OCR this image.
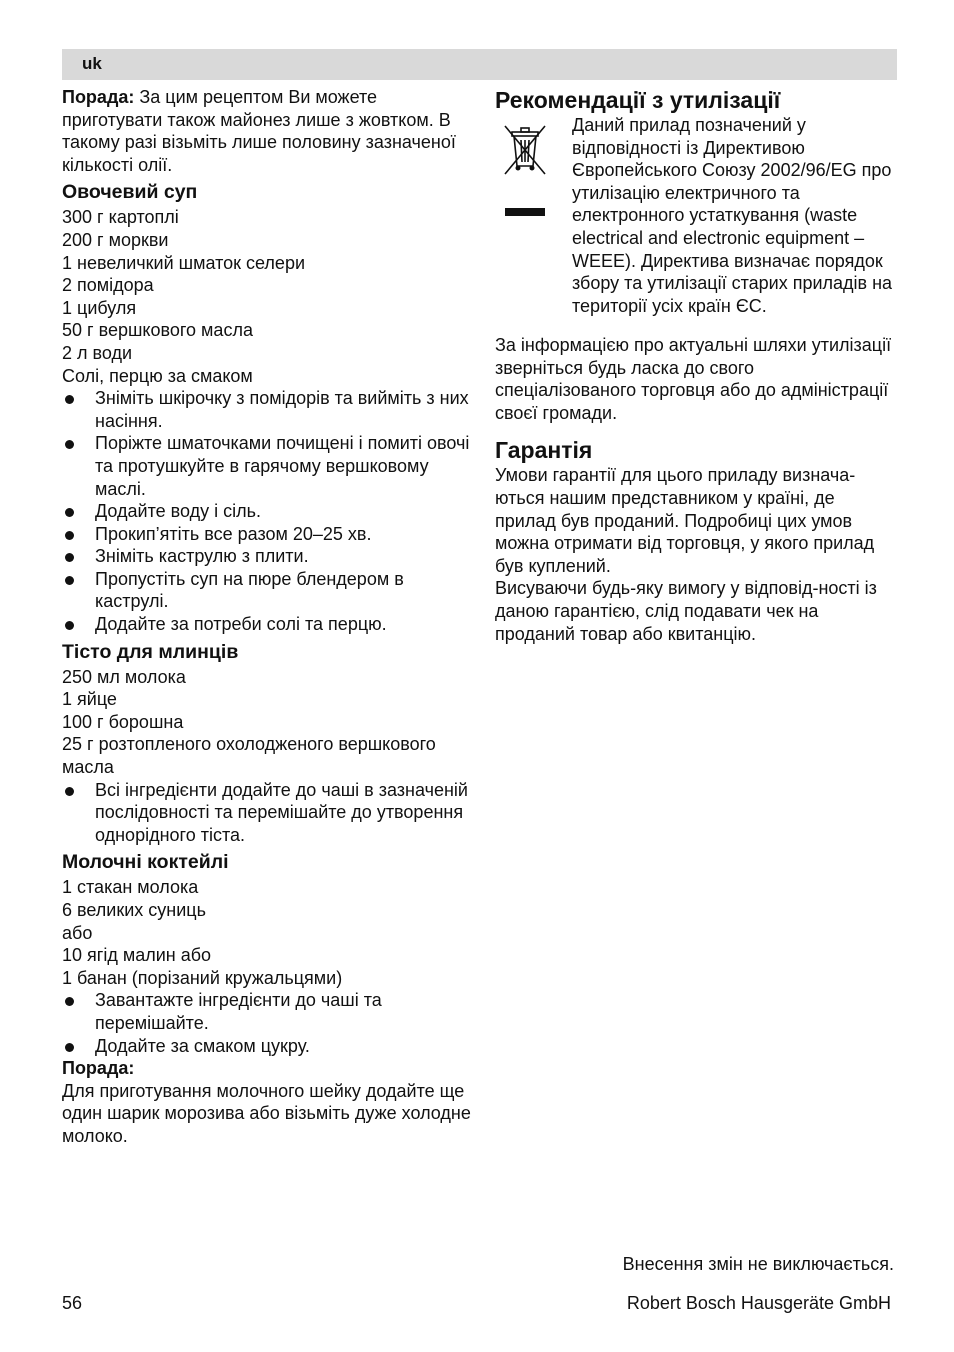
uk

Порада: За цим рецептом Ви можете приготувати також майонез лише з жовтком. В такому разі візьміть лише половину зазначеної кількості олії.

Овочевий суп
300 г картоплі
200 г моркви
1 невеличкий шматок селери
2 помідора
1 цибуля
50 г вершкового масла
2 л води
Солі, перцю за смаком
Зніміть шкірочку з помідорів та вийміть з них насіння.
Поріжте шматочками почищені і помиті овочі та протушкуйте в гарячому вершковому маслі.
Додайте воду і сіль.
Прокип’ятіть все разом 20–25 хв.
Зніміть каструлю з плити.
Пропустіть суп на пюре блендером в каструлі.
Додайте за потреби солі та перцю.
Тісто для млинців
250 мл молока
1 яйце
100 г борошна
25 г розтопленого охолодженого вершкового масла
Всі інгредієнти додайте до чаші в зазначеній послідовності та перемішайте до утворення однорідного тіста.
Молочні коктейлі
1 стакан молока
6 великих суниць
або
10 ягід малин або
1 банан (порізаний кружальцями)
Завантажте інгредієнти до чаші та перемішайте.
Додайте за смаком цукру.

Порада:

Для приготування молочного шейку додайте ще один шарик морозива або візьміть дуже холодне молоко.

Рекомендації з утилізації

Даний прилад позначений у відповідності із Директивою Європейського Союзу 2002/96/EG про утилізацію електричного та електронного устаткування (waste electrical and electronic equipment – WEEE). Директива визначає порядок збору та утилізації старих приладів на території усіх країн ЄС.

За інформацією про актуальні шляхи утилізації зверніться будь ласка до свого спеціалізованого торговця або до адміністрації своєї громади.

Гарантія

Умови гарантії для цього приладу визнача-ються нашим представником у країні, де прилад був проданий. Подробиці цих умов можна отримати від торговця, у якого прилад був куплений.

Висуваючи будь-яку вимогу у відповід-ності із даною гарантією, слід подавати чек на проданий товар або квитанцію.

Внесення змін не виключається.
56	Robert Bosch Hausgeräte GmbH
